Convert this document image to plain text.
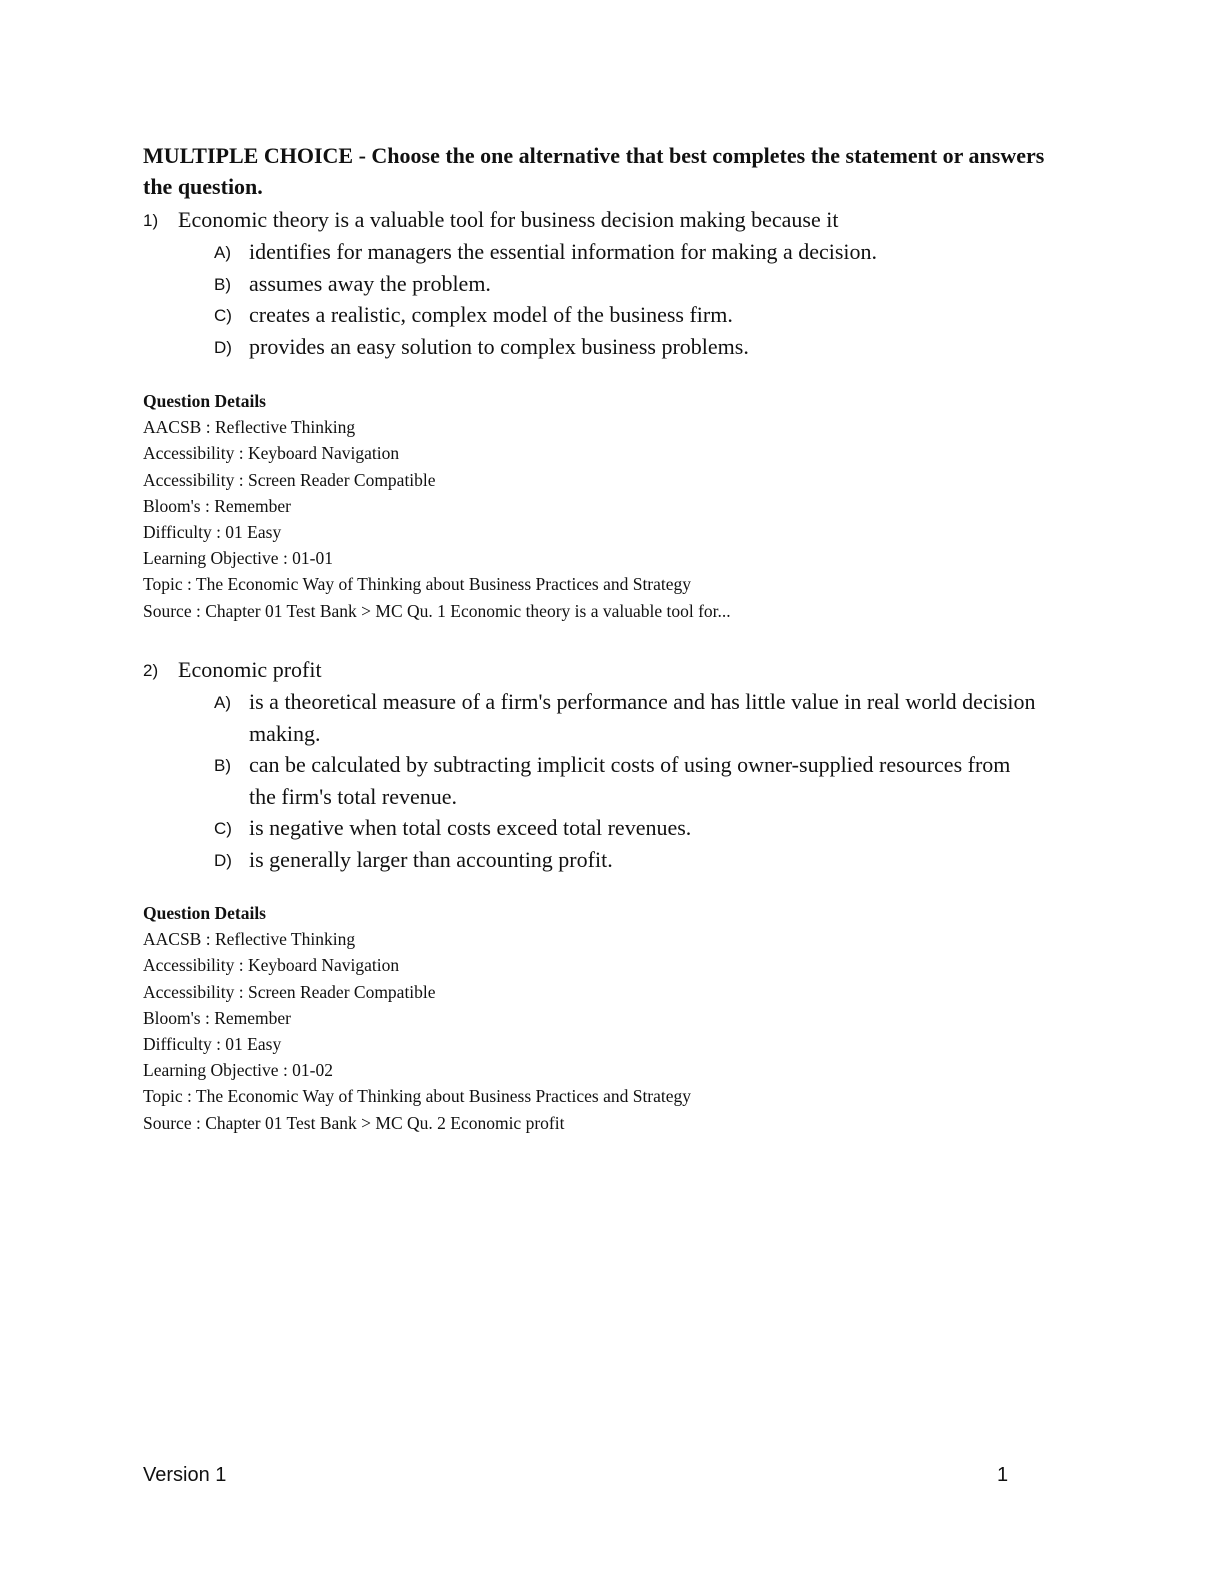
MULTIPLE CHOICE - Choose the one alternative that best completes the statement or answers the question.
1) Economic theory is a valuable tool for business decision making because it
A) identifies for managers the essential information for making a decision.
B) assumes away the problem.
C) creates a realistic, complex model of the business firm.
D) provides an easy solution to complex business problems.
Question Details
AACSB : Reflective Thinking
Accessibility : Keyboard Navigation
Accessibility : Screen Reader Compatible
Bloom's : Remember
Difficulty : 01 Easy
Learning Objective : 01-01
Topic : The Economic Way of Thinking about Business Practices and Strategy
Source : Chapter 01 Test Bank > MC Qu. 1 Economic theory is a valuable tool for...
2) Economic profit
A) is a theoretical measure of a firm's performance and has little value in real world decision making.
B) can be calculated by subtracting implicit costs of using owner-supplied resources from the firm's total revenue.
C) is negative when total costs exceed total revenues.
D) is generally larger than accounting profit.
Question Details
AACSB : Reflective Thinking
Accessibility : Keyboard Navigation
Accessibility : Screen Reader Compatible
Bloom's : Remember
Difficulty : 01 Easy
Learning Objective : 01-02
Topic : The Economic Way of Thinking about Business Practices and Strategy
Source : Chapter 01 Test Bank > MC Qu. 2 Economic profit
Version 1	1
